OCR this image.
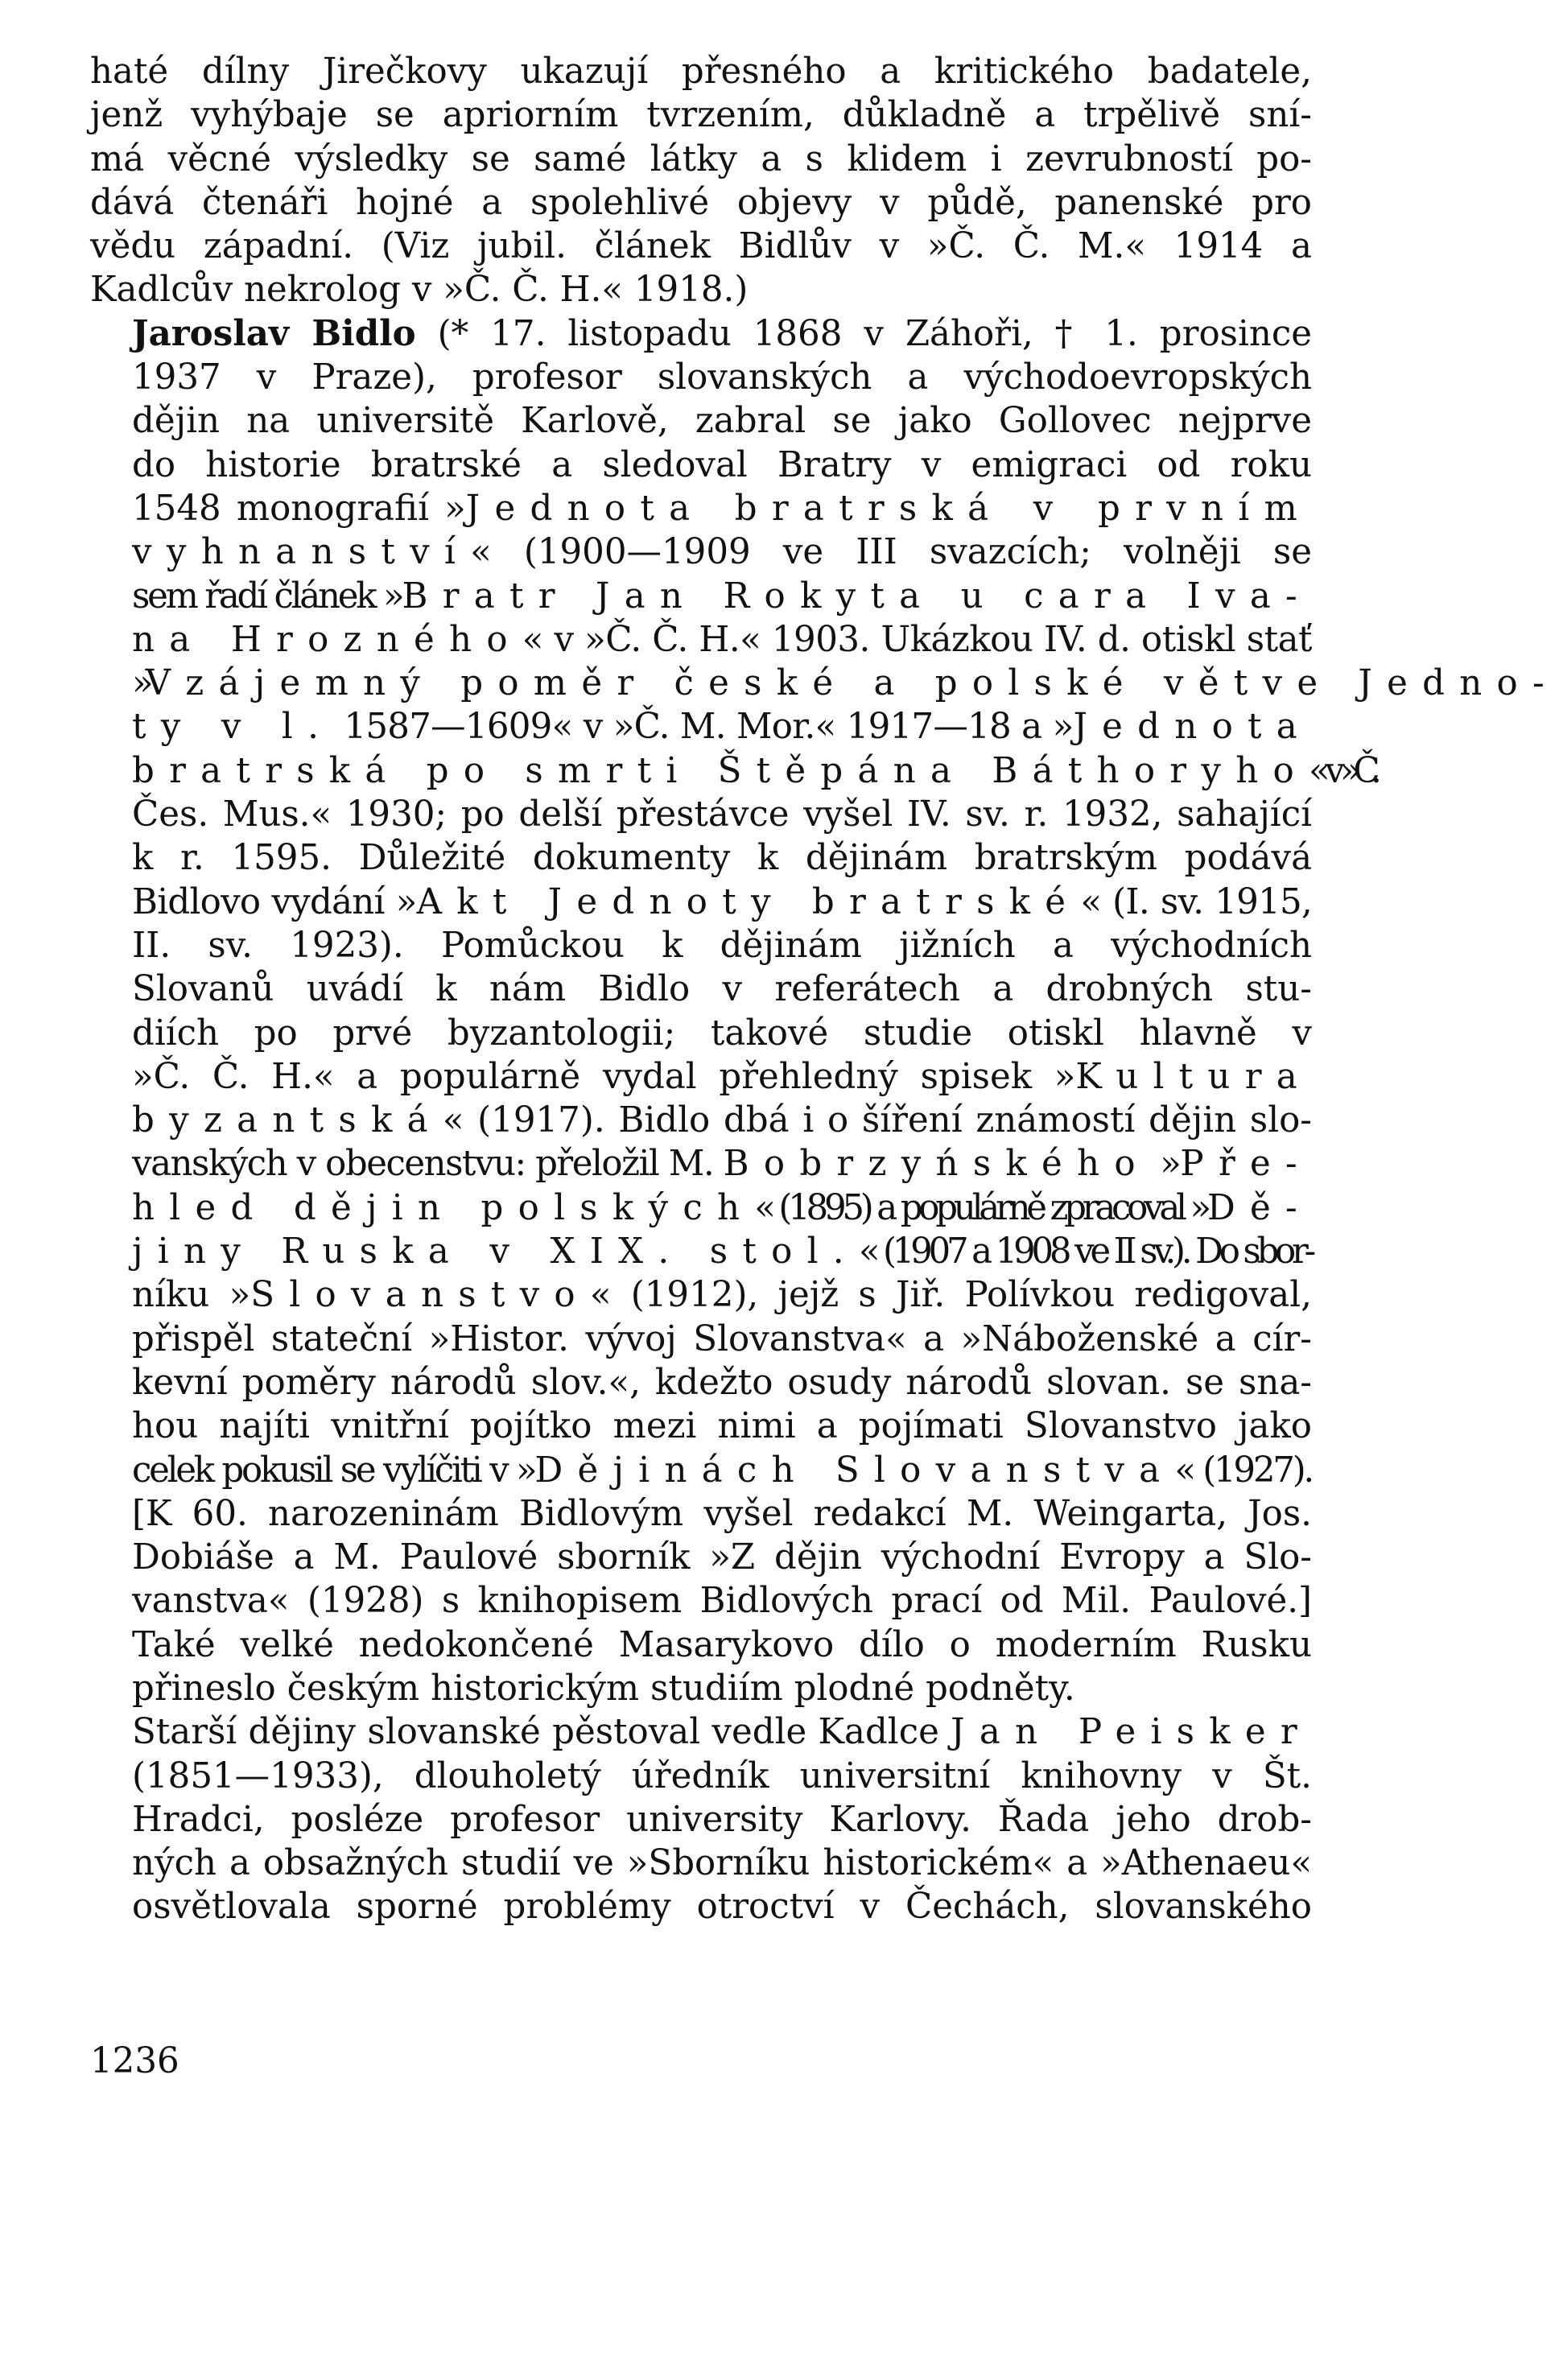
haté dílny Jirečkovy ukazují přesného a kritického badatele,
jenž vyhýbaje se apriorním tvrzením, důkladně a trpělivě sní-
má věcné výsledky se samé látky a s klidem i zevrubností po-
dává čtenáři hojné a spolehlivé objevy v půdě, panenské pro
vědu západní. (Viz jubil. článek Bidlův v »Č. Č. M.« 1914 a
Kadlcův nekrolog v »Č. Č. H.« 1918.)

Jaroslav Bidlo (* 17. listopadu 1868 v Záhoři, † 1. prosince
1937 v Praze), profesor slovanských a východoevropských
dějin na universitě Karlově, zabral se jako Gollovec nejprve
do historie bratrské a sledoval Bratry v emigraci od roku
1548 monografií »Jednota bratrská v prvním
vyhnanství« (1900—1909 ve III svazcích; volněji se
sem řadí článek »Bratr Jan Rokyta u cara Iva-
na Hrozného« v »Č. Č. H.« 1903. Ukázkou IV. d. otiskl stať
»Vzájemný poměr české a polské větve Jedno-
ty v l. 1587—1609« v »Č. M. Mor.« 1917—18 a »Jednota
bratrská po smrti Štěpána Báthoryho« v »Č.
Čes. Mus.« 1930; po delší přestávce vyšel IV. sv. r. 1932, sahající
k r. 1595. Důležité dokumenty k dějinám bratrským podává
Bidlovo vydání »Akt Jednoty bratrské« (I. sv. 1915,
II. sv. 1923). Pomůckou k dějinám jižních a východních
Slovanů uvádí k nám Bidlo v referátech a drobných stu-
diích po prvé byzantologii; takové studie otiskl hlavně v
»Č. Č. H.« a populárně vydal přehledný spisek »Kultura
byzantská« (1917). Bidlo dbá i o šíření známostí dějin slo-
vanských v obecenstvu: přeložil M. Bobrzyńského »Pře-
hled dějin polských« (1895) a populárně zpracoval »Dě-
jiny Ruska v XIX. stol.« (1907 a 1908 ve II sv.). Do sbor-
níku »Slovanstvo« (1912), jejž s Jiř. Polívkou redigoval,
přispěl stateční »Histor. vývoj Slovanstva« a »Náboženské a cír-
kevní poměry národů slov.«, kdežto osudy národů slovan. se sna-
hou najíti vnitřní pojítko mezi nimi a pojímati Slovanstvo jako
celek pokusil se vylíčiti v »Dějinách Slovanstva« (1927).
[K 60. narozeninám Bidlovým vyšel redakcí M. Weingarta, Jos.
Dobiáše a M. Paulové sborník »Z dějin východní Evropy a Slo-
vanstva« (1928) s knihopisem Bidlových prací od Mil. Paulové.]
Také velké nedokončené Masarykovo dílo o moderním Rusku
přineslo českým historickým studiím plodné podněty.

Starší dějiny slovanské pěstoval vedle Kadlce Jan Peisker
(1851—1933), dlouholetý úředník universitní knihovny v Št.
Hradci, posléze profesor university Karlovy. Řada jeho drob-
ných a obsažných studií ve »Sborníku historickém« a »Athenaeu«
osvětlovala sporné problémy otroctví v Čechách, slovanského

1236
